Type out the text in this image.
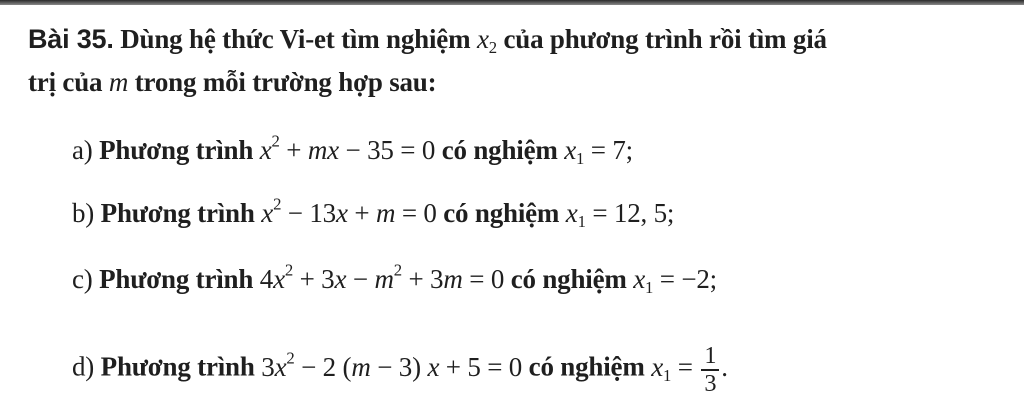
Bài 35. Dùng hệ thức Vi-et tìm nghiệm $x_2$ của phương trình rồi tìm giá
trị của m trong mỗi trường hợp sau:
a) Phương trình $x^2$ + mx − 35 = 0 có nghiệm $x_1 = 7$;
b) Phương trình $x^2 - 13x + m = 0$ có nghiệm $x_1 = 12$, 5;
c) Phương trình $4x^2 + 3x - m^2 + 3m = 0$ có nghiệm $x_1 = -2$;
d) Phương trình $3x^2 - 2$ (m − 3) x + 5 = 0 có nghiệm $x_1 = \frac{1}{3}$ .
